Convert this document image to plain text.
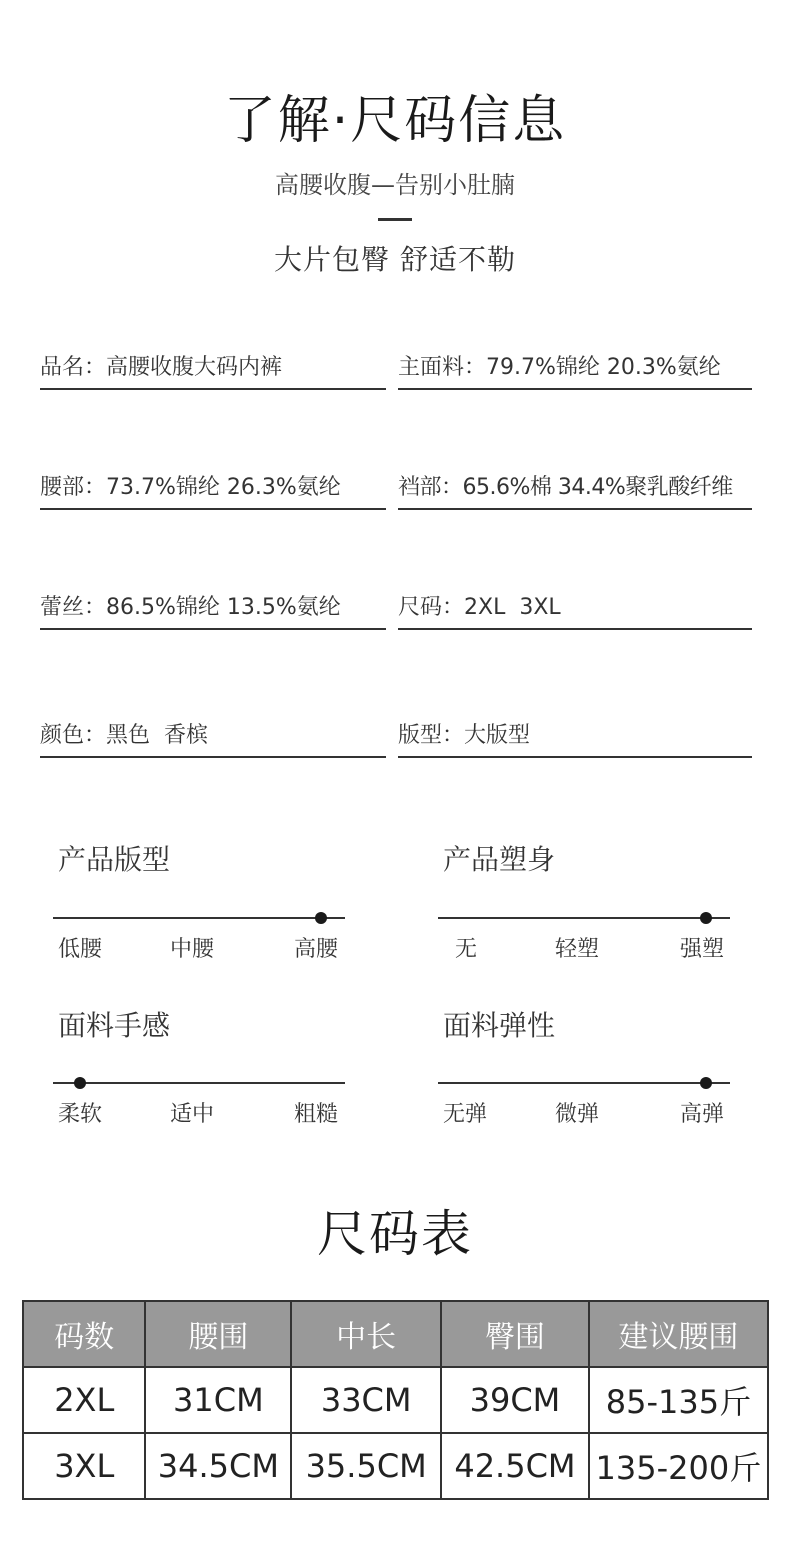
了解·尺码信息
高腰收腹—告别小肚腩
大片包臀 舒适不勒
品名：高腰收腹大码内裤	主面料：79.7%锦纶 20.3%氨纶
腰部：73.7%锦纶 26.3%氨纶	裆部：65.6%棉 34.4%聚乳酸纤维
蕾丝：86.5%锦纶 13.5%氨纶	尺码：2XL  3XL
颜色：黑色  香槟	版型：大版型
产品版型
低腰	中腰	高腰
产品塑身
无	轻塑	强塑
面料手感
柔软	适中	粗糙
面料弹性
无弹	微弹	高弹
尺码表
码数	腰围	中长	臀围	建议腰围
2XL	31CM	33CM	39CM	85-135斤
3XL	34.5CM	35.5CM	42.5CM	135-200斤
